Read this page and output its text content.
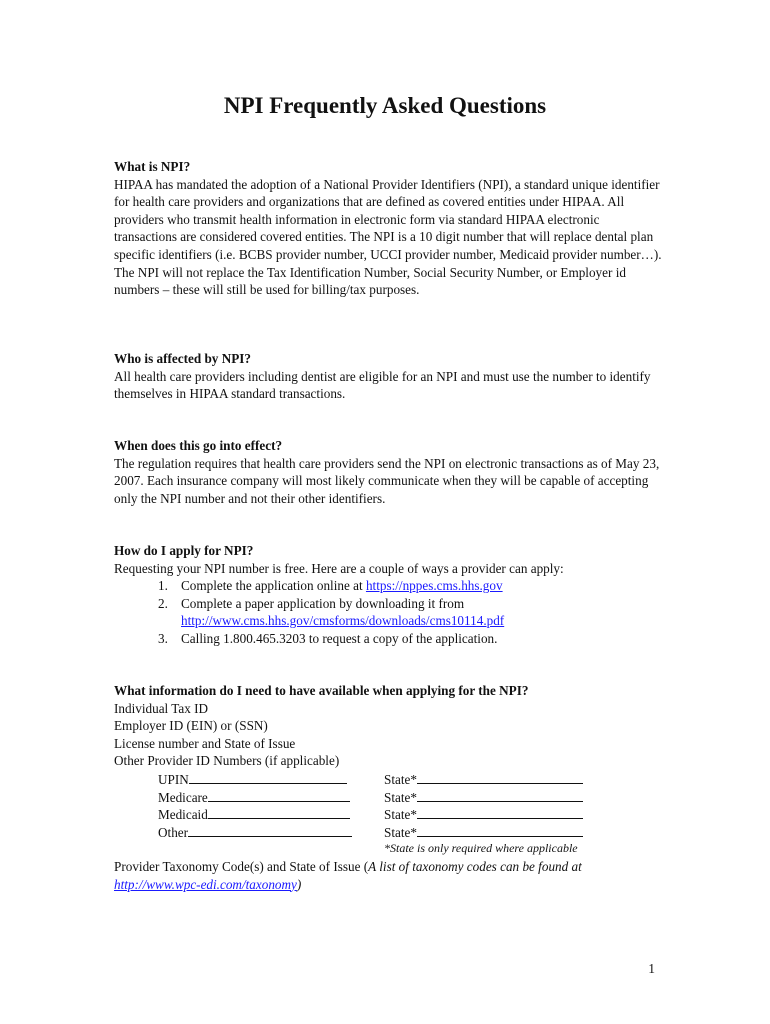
NPI Frequently Asked Questions

What is NPI?

HIPAA has mandated the adoption of a National Provider Identifiers (NPI), a standard unique identifier for health care providers and organizations that are defined as covered entities under HIPAA. All providers who transmit health information in electronic form via standard HIPAA electronic transactions are considered covered entities. The NPI is a 10 digit number that will replace dental plan specific identifiers (i.e. BCBS provider number, UCCI provider number, Medicaid provider number…). The NPI will not replace the Tax Identification Number, Social Security Number, or Employer id numbers – these will still be used for billing/tax purposes.

Who is affected by NPI?

All health care providers including dentist are eligible for an NPI and must use the number to identify themselves in HIPAA standard transactions.

When does this go into effect?

The regulation requires that health care providers send the NPI on electronic transactions as of May 23, 2007. Each insurance company will most likely communicate when they will be capable of accepting only the NPI number and not their other identifiers.

How do I apply for NPI?

Requesting your NPI number is free. Here are a couple of ways a provider can apply:

1. Complete the application online at https://nppes.cms.hhs.gov
2. Complete a paper application by downloading it from
http://www.cms.hhs.gov/cmsforms/downloads/cms10114.pdf
3. Calling 1.800.465.3203 to request a copy of the application.

What information do I need to have available when applying for the NPI?

Individual Tax ID

Employer ID (EIN) or (SSN)

License number and State of Issue

Other Provider ID Numbers (if applicable)

UPIN	State*
Medicare	State*
Medicaid	State*
Other	State*
*State is only required where applicable

Provider Taxonomy Code(s) and State of Issue (A list of taxonomy codes can be found at
http://www.wpc-edi.com/taxonomy)

1
